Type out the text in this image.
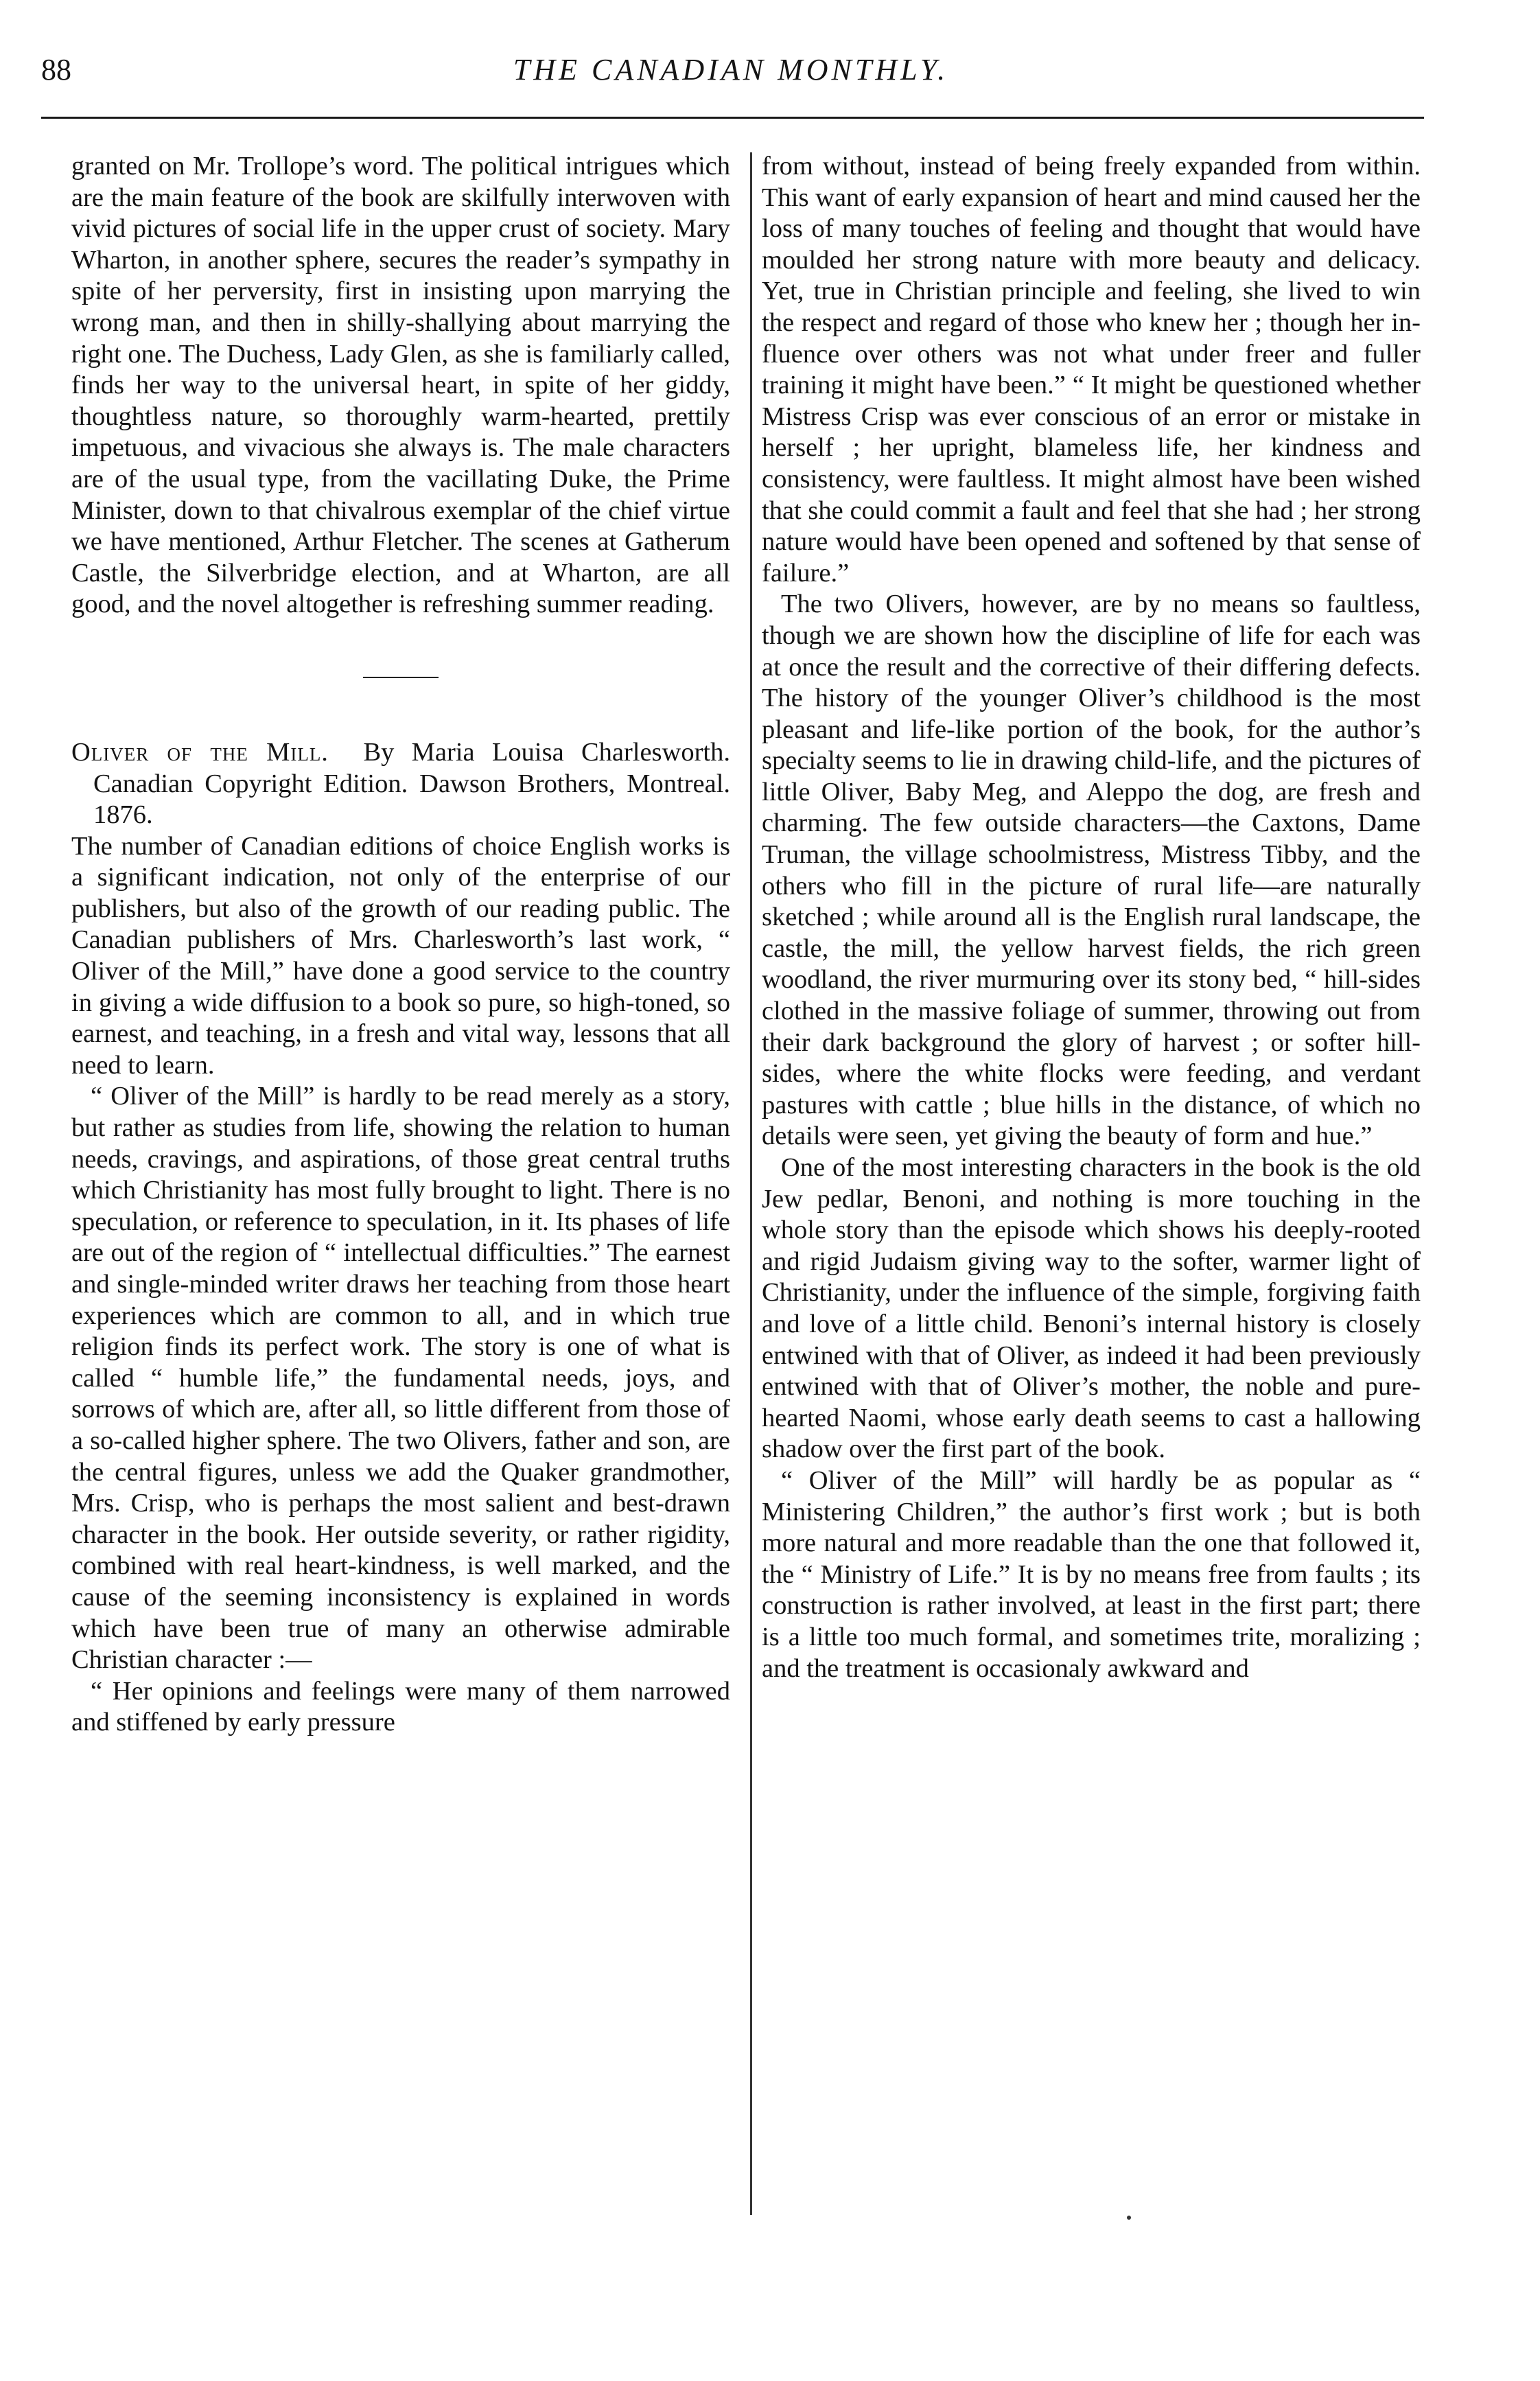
88	THE CANADIAN MONTHLY.

granted on Mr. Trollope’s word. The political intrigues which are the main feature of the book are skilfully interwoven with vivid pictures of social life in the upper crust of society. Mary Wharton, in another sphere, secures the reader’s sympathy in spite of her perversity, first in insisting upon marrying the wrong man, and then in shilly-shallying about marrying the right one. The Duchess, Lady Glen, as she is familiarly called, finds her way to the universal heart, in spite of her giddy, thoughtless nature, so thoroughly warm-hearted, prettily impetuous, and vivacious she always is. The male characters are of the usual type, from the vacillating Duke, the Prime Minister, down to that chivalrous exemplar of the chief virtue we have mentioned, Arthur Fletcher. The scenes at Gatherum Castle, the Silverbridge election, and at Wharton, are all good, and the novel altogether is refreshing summer reading.

Oliver of the Mill. By Maria Louisa Charlesworth. Canadian Copyright Edition. Dawson Brothers, Montreal. 1876.

The number of Canadian editions of choice English works is a significant indication, not only of the enterprise of our publishers, but also of the growth of our reading public. The Canadian publishers of Mrs. Charlesworth’s last work, “ Oliver of the Mill,” have done a good service to the country in giving a wide diffusion to a book so pure, so high-toned, so earnest, and teaching, in a fresh and vital way, lessons that all need to learn.

“ Oliver of the Mill” is hardly to be read merely as a story, but rather as studies from life, showing the relation to human needs, cravings, and aspirations, of those great central truths which Christianity has most fully brought to light. There is no speculation, or reference to speculation, in it. Its phases of life are out of the region of “ intellectual difficulties.” The earnest and single-minded writer draws her teaching from those heart experiences which are common to all, and in which true religion finds its perfect work. The story is one of what is called “ humble life,” the fundamental needs, joys, and sorrows of which are, after all, so little different from those of a so-called higher sphere. The two Olivers, father and son, are the central figures, unless we add the Quaker grandmother, Mrs. Crisp, who is perhaps the most salient and best-drawn character in the book. Her outside severity, or rather rigidity, combined with real heart-kindness, is well marked, and the cause of the seeming inconsistency is explained in words which have been true of many an otherwise admirable Christian character :—

“ Her opinions and feelings were many of them narrowed and stiffened by early pressure

from without, instead of being freely expanded from within. This want of early expansion of heart and mind caused her the loss of many touches of feeling and thought that would have moulded her strong nature with more beauty and delicacy. Yet, true in Christian principle and feeling, she lived to win the respect and regard of those who knew her ; though her influence over others was not what under freer and fuller training it might have been.” “ It might be questioned whether Mistress Crisp was ever conscious of an error or mistake in herself ; her upright, blameless life, her kindness and consistency, were faultless. It might almost have been wished that she could commit a fault and feel that she had ; her strong nature would have been opened and softened by that sense of failure.”

The two Olivers, however, are by no means so faultless, though we are shown how the discipline of life for each was at once the result and the corrective of their differing defects. The history of the younger Oliver’s childhood is the most pleasant and life-like portion of the book, for the author’s specialty seems to lie in drawing child-life, and the pictures of little Oliver, Baby Meg, and Aleppo the dog, are fresh and charming. The few outside characters—the Caxtons, Dame Truman, the village schoolmistress, Mistress Tibby, and the others who fill in the picture of rural life—are naturally sketched ; while around all is the English rural landscape, the castle, the mill, the yellow harvest fields, the rich green woodland, the river murmuring over its stony bed, “ hill-sides clothed in the massive foliage of summer, throwing out from their dark background the glory of harvest ; or softer hill-sides, where the white flocks were feeding, and verdant pastures with cattle ; blue hills in the distance, of which no details were seen, yet giving the beauty of form and hue.”

One of the most interesting characters in the book is the old Jew pedlar, Benoni, and nothing is more touching in the whole story than the episode which shows his deeply-rooted and rigid Judaism giving way to the softer, warmer light of Christianity, under the influence of the simple, forgiving faith and love of a little child. Benoni’s internal history is closely entwined with that of Oliver, as indeed it had been previously entwined with that of Oliver’s mother, the noble and pure-hearted Naomi, whose early death seems to cast a hallowing shadow over the first part of the book.

“ Oliver of the Mill” will hardly be as popular as “ Ministering Children,” the author’s first work ; but is both more natural and more readable than the one that followed it, the “ Ministry of Life.” It is by no means free from faults ; its construction is rather involved, at least in the first part; there is a little too much formal, and sometimes trite, moralizing ; and the treatment is occasionaly awkward and
